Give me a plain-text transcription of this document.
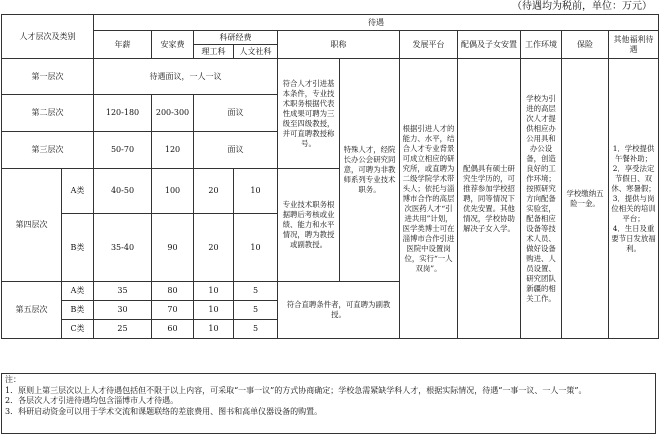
（待遇均为税前，单位：万元）
人才层次及类别		待遇										
		年薪	安家费	科研经费		职称		发展平台	配偶及子女安置	工作环境	保险	其他福利待遇
				理工科	人文社科							
第一层次		待遇面议，一人一议				符合人才引进基本条件，专业技术职务根据代表性成果可聘为三级至四级教授，并可直聘教授称号。	特殊人才，经院长办公会研究同意，可聘为非教师系列专业技术职务。	根据引进人才的能力、水平，结合人才专业背景可成立相应的研究所，或直聘为二级学院学术带头人；依托与淄博市合作的高层次医药人才“引进共用”计划，医学类博士可在淄博市合作引进医院中设置岗位，实行“一人双岗”。	配偶具有硕士研究生学历的，可推荐参加学校招聘，同等情况下优先安置。其他情况，学校协助解决子女入学。	学校为引进的高层次人才提供相应办公用具和办公设备，创造良好的工作环境；按照研究方向配备实验室，配备相应设备等技术人员、做好设备购进、人员设置、研究团队新疆的相关工作。	学校缴纳五险一金。	1．学校提供午餐补助；
2．享受法定节假日、双休、寒暑假；
3．提供与岗位相关的培训平台；
4．生日及重要节日发放福利。
第二层次		120-180	200-300	面议								
第三层次		50-70	120	面议								
第四层次	A类	40-50	100	20	10	专业技术职务根据聘后考核或业绩、能力和水平情况，聘为教授或副教授。						
	B类	35-40	90	20	10							
第五层次	A类	35	80	10	5	符合直聘条件者，可直聘为副教授。						
	B类	30	70	10	5							
	C类	25	60	10	5							
注：
1．原则上第三层次以上人才待遇包括但不限于以上内容，可采取“一事一议”的方式协商确定；学校急需紧缺学科人才，根据实际情况，待遇“一事一议、一人一策”。
2．各层次人才引进待遇均包含淄博市人才待遇。
3．科研启动资金可以用于学术交流和课题联络的差旅费用、图书和高单仪器设备的购置。
